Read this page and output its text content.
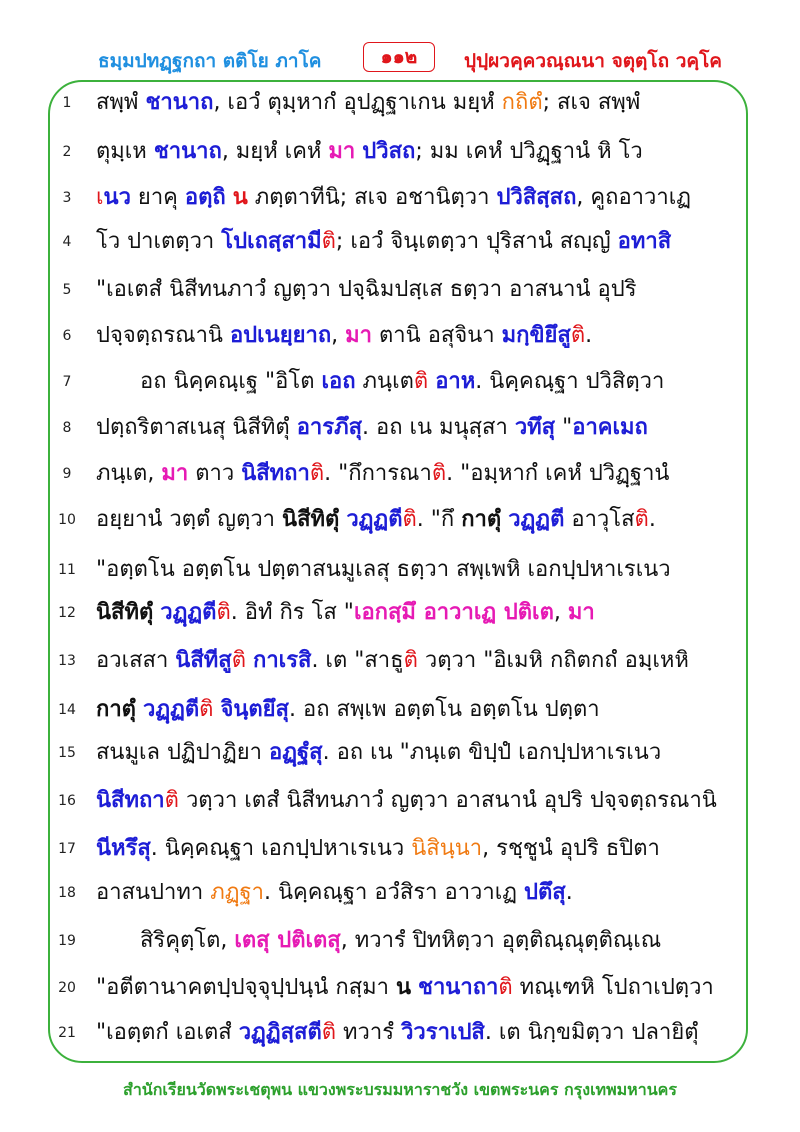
ธมฺมปทฏฺฐกถา ตติโย ภาโค	๑๑๒ ปุปฺผวคฺควณฺณนา จตุตฺโถ วคฺโค
1	สพฺพํ ชานาถ, เอวํ ตุมฺหากํ อุปฏฺฐาเกน มยฺหํ กถิตํ; สเจ สพฺพํ
2	ตุมฺเห ชานาถ, มยฺหํ เคหํ มา ปวิสถ; มม เคหํ ปวิฏฺฐานํ หิ โว
3	เนว ยาคุ อตฺถิ น ภตฺตาทีนิ; สเจ อชานิตฺวา ปวิสิสฺสถ, คูถอาวาเฏ
4	โว ปาเตตฺวา โปเถสฺสามีติ; เอวํ จินฺเตตฺวา ปุริสานํ สญฺญํ อทาสิ
5	"เอเตสํ นิสีทนภาวํ ญตฺวา ปจฺฉิมปสฺเส ธตฺวา อาสนานํ อุปริ
6	ปจฺจตฺถรณานิ อปเนยฺยาถ, มา ตานิ อสุจินา มกฺขิยึสูติ.
7	อถ นิคฺคณฺเฐ "อิโต เอถ ภนฺเตติ อาห. นิคฺคณฺฐา ปวิสิตฺวา
8	ปตฺถริตาสเนสุ นิสีทิตุํ อารภึสุ. อถ เน มนุสฺสา วทึสุ "อาคเมถ
9	ภนฺเต, มา ตาว นิสีทถาติ. "กึการณาติ. "อมฺหากํ เคหํ ปวิฏฺฐานํ
10 อยฺยานํ วตฺตํ ญตฺวา นิสีทิตุํ วฏฺฏตีติ. "กึ กาตุํ วฏฺฏตี อาวุโสติ.
11 "อตฺตโน อตฺตโน ปตฺตาสนมูเลสุ ธตฺวา สพฺเพหิ เอกปฺปหาเรเนว
12 นิสีทิตุํ วฏฺฏตีติ. อิทํ กิร โส "เอกสฺมึ อาวาเฏ ปติเต, มา
13 อวเสสา นิสีทีสูติ กาเรสิ. เต "สาธูติ วตฺวา "อิเมหิ กถิตกถํ อมฺเหหิ
14 กาตุํ วฏฺฏตีติ จินฺตยึสุ. อถ สพฺเพ อตฺตโน อตฺตโน ปตฺตา
15 สนมูเล ปฏิปาฏิยา อฏฺฐํสุ. อถ เน "ภนฺเต ขิปฺปํ เอกปฺปหาเรเนว
16 นิสีทถาติ วตฺวา เตสํ นิสีทนภาวํ ญตฺวา อาสนานํ อุปริ ปจฺจตฺถรณานิ
17 นีหรึสุ. นิคฺคณฺฐา เอกปฺปหาเรเนว นิสินฺนา, รชฺชูนํ อุปริ ธปิตา
18 อาสนปาทา ภฏฺฐา. นิคฺคณฺฐา อวํสิรา อาวาเฏ ปตึสุ.
19	สิริคุตฺโต, เตสุ ปติเตสุ, ทวารํ ปิทหิตฺวา อุตฺติณฺณุตฺติณฺเณ
20 "อตีตานาคตปฺปจฺจุปฺปนฺนํ กสฺมา น ชานาถาติ ทณฺเฑหิ โปถาเปตฺวา
21 "เอตฺตกํ เอเตสํ วฏฺฏิสฺสตีติ ทวารํ วิวราเปสิ. เต นิกฺขมิตฺวา ปลายิตุํ
สำนักเรียนวัดพระเชตุพน แขวงพระบรมมหาราชวัง เขตพระนคร กรุงเทพมหานคร
